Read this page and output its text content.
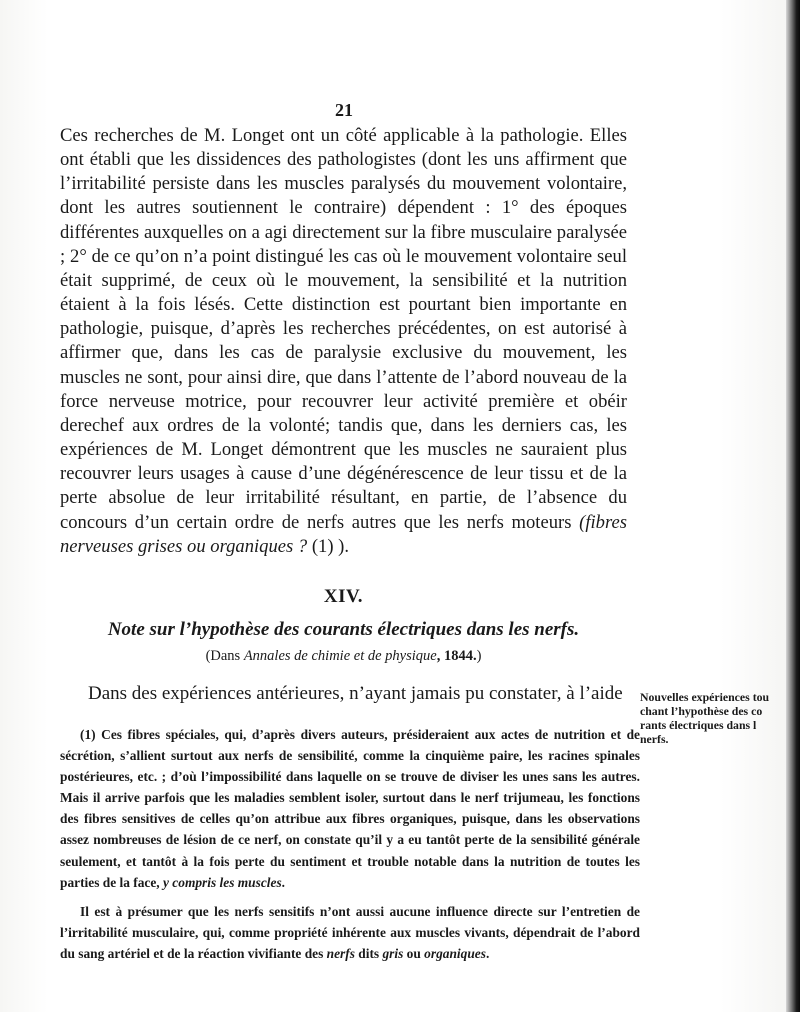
21

Ces recherches de M. Longet ont un côté applicable à la pathologie. Elles ont établi que les dissidences des pathologistes (dont les uns affirment que l’irritabilité persiste dans les muscles paralysés du mouvement volontaire, dont les autres soutiennent le contraire) dépendent : 1° des époques différentes auxquelles on a agi directement sur la fibre musculaire paralysée ; 2° de ce qu’on n’a point distingué les cas où le mouvement volontaire seul était supprimé, de ceux où le mouvement, la sensibilité et la nutrition étaient à la fois lésés. Cette distinction est pourtant bien importante en pathologie, puisque, d’après les recherches précédentes, on est autorisé à affirmer que, dans les cas de paralysie exclusive du mouvement, les muscles ne sont, pour ainsi dire, que dans l’attente de l’abord nouveau de la force nerveuse motrice, pour recouvrer leur activité première et obéir derechef aux ordres de la volonté; tandis que, dans les derniers cas, les expériences de M. Longet démontrent que les muscles ne sauraient plus recouvrer leurs usages à cause d’une dégénérescence de leur tissu et de la perte absolue de leur irritabilité résultant, en partie, de l’absence du concours d’un certain ordre de nerfs autres que les nerfs moteurs (fibres nerveuses grises ou organiques ? (1) ).

XIV.
Note sur l’hypothèse des courants électriques dans les nerfs.
(Dans Annales de chimie et de physique, 1844.)
Dans des expériences antérieures, n’ayant jamais pu constater, à l’aide	Nouvelles expériences tou
chant l’hypothèse des co
rants électriques dans l
nerfs.

(1) Ces fibres spéciales, qui, d’après divers auteurs, présideraient aux actes de nutrition et de sécrétion, s’allient surtout aux nerfs de sensibilité, comme la cinquième paire, les racines spinales postérieures, etc. ; d’où l’impossibilité dans laquelle on se trouve de diviser les unes sans les autres. Mais il arrive parfois que les maladies semblent isoler, surtout dans le nerf trijumeau, les fonctions des fibres sensitives de celles qu’on attribue aux fibres organiques, puisque, dans les observations assez nombreuses de lésion de ce nerf, on constate qu’il y a eu tantôt perte de la sensibilité générale seulement, et tantôt à la fois perte du sentiment et trouble notable dans la nutrition de toutes les parties de la face, y compris les muscles.

Il est à présumer que les nerfs sensitifs n’ont aussi aucune influence directe sur l’entretien de l’irritabilité musculaire, qui, comme propriété inhérente aux muscles vivants, dépendrait de l’abord du sang artériel et de la réaction vivifiante des nerfs dits gris ou organiques.
